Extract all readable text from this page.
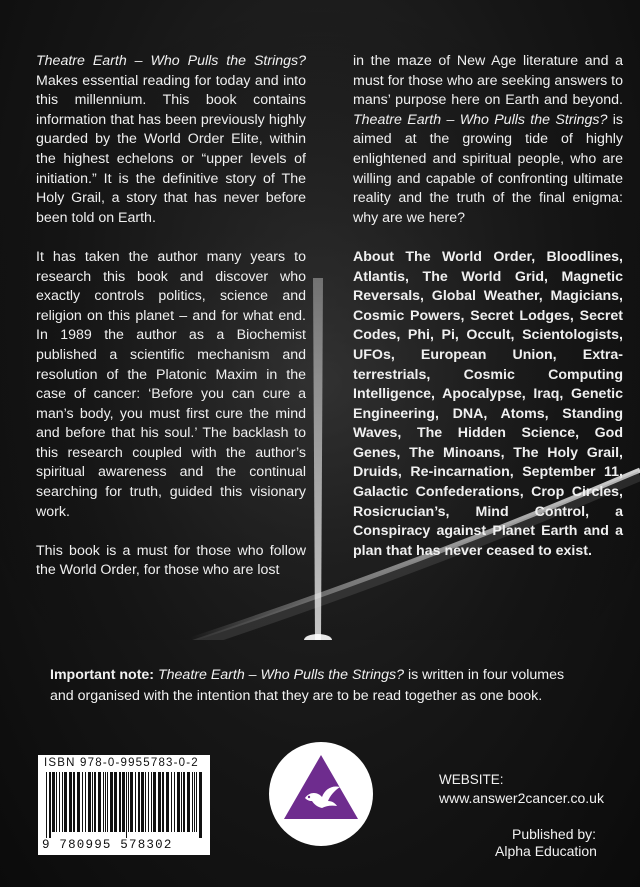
Theatre Earth – Who Pulls the Strings? Makes essential reading for today and into this millennium. This book contains information that has been previously highly guarded by the World Order Elite, within the highest echelons or “upper levels of initiation.” It is the definitive story of The Holy Grail, a story that has never before been told on Earth.

It has taken the author many years to research this book and discover who exactly controls politics, science and religion on this planet – and for what end. In 1989 the author as a Biochemist published a scientific mechanism and resolution of the Platonic Maxim in the case of cancer: ‘Before you can cure a man’s body, you must first cure the mind and before that his soul.’ The backlash to this research coupled with the author’s spiritual awareness and the continual searching for truth, guided this visionary work.

This book is a must for those who follow the World Order, for those who are lost

in the maze of New Age literature and a must for those who are seeking answers to mans’ purpose here on Earth and beyond. Theatre Earth – Who Pulls the Strings? is aimed at the growing tide of highly enlightened and spiritual people, who are willing and capable of confronting ultimate reality and the truth of the final enigma: why are we here?

About The World Order, Bloodlines, Atlantis, The World Grid, Magnetic Reversals, Global Weather, Magicians, Cosmic Powers, Secret Lodges, Secret Codes, Phi, Pi, Occult, Scientologists, UFOs, European Union, Extra-terrestrials, Cosmic Computing Intelligence, Apocalypse, Iraq, Genetic Engineering, DNA, Atoms, Standing Waves, The Hidden Science, God Genes, The Minoans, The Holy Grail, Druids, Re-incarnation, September 11, Galactic Confederations, Crop Circles, Rosicrucian’s, Mind Control, a Conspiracy against Planet Earth and a plan that has never ceased to exist.

Important note: Theatre Earth – Who Pulls the Strings? is written in four volumes and organised with the intention that they are to be read together as one book.
ISBN 978-0-9955783-0-2
9 780995 578302
WEBSITE:
www.answer2cancer.co.uk
Published by:
Alpha Education
